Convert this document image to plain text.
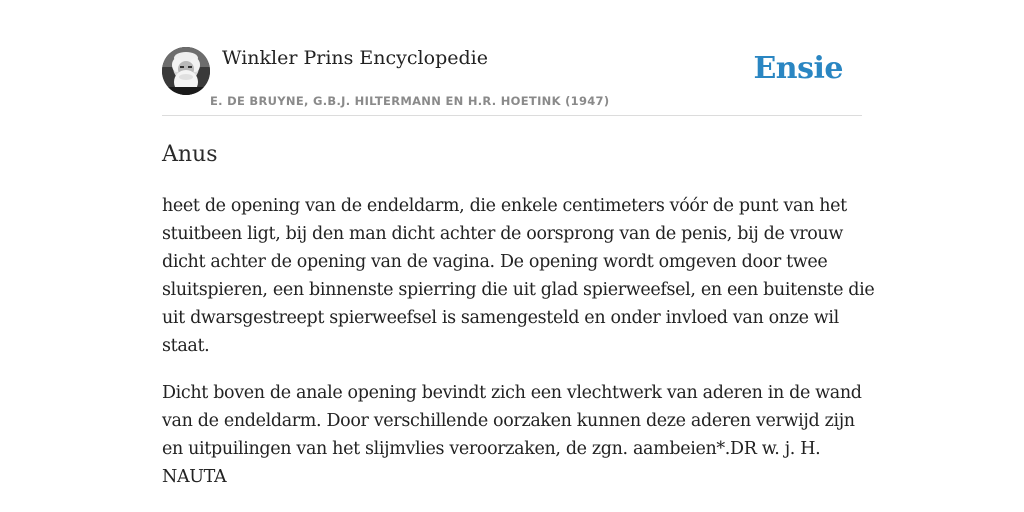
Winkler Prins Encyclopedie
E. DE BRUYNE, G.B.J. HILTERMANN EN H.R. HOETINK (1947)
Ensie
Anus
heet de opening van de endeldarm, die enkele centimeters vóór de punt van het
stuitbeen ligt, bij den man dicht achter de oorsprong van de penis, bij de vrouw
dicht achter de opening van de vagina. De opening wordt omgeven door twee
sluitspieren, een binnenste spierring die uit glad spierweefsel, en een buitenste die
uit dwarsgestreept spierweefsel is samengesteld en onder invloed van onze wil
staat.
Dicht boven de anale opening bevindt zich een vlechtwerk van aderen in de wand
van de endeldarm. Door verschillende oorzaken kunnen deze aderen verwijd zijn
en uitpuilingen van het slijmvlies veroorzaken, de zgn. aambeien*.DR w. j. H.
NAUTA
